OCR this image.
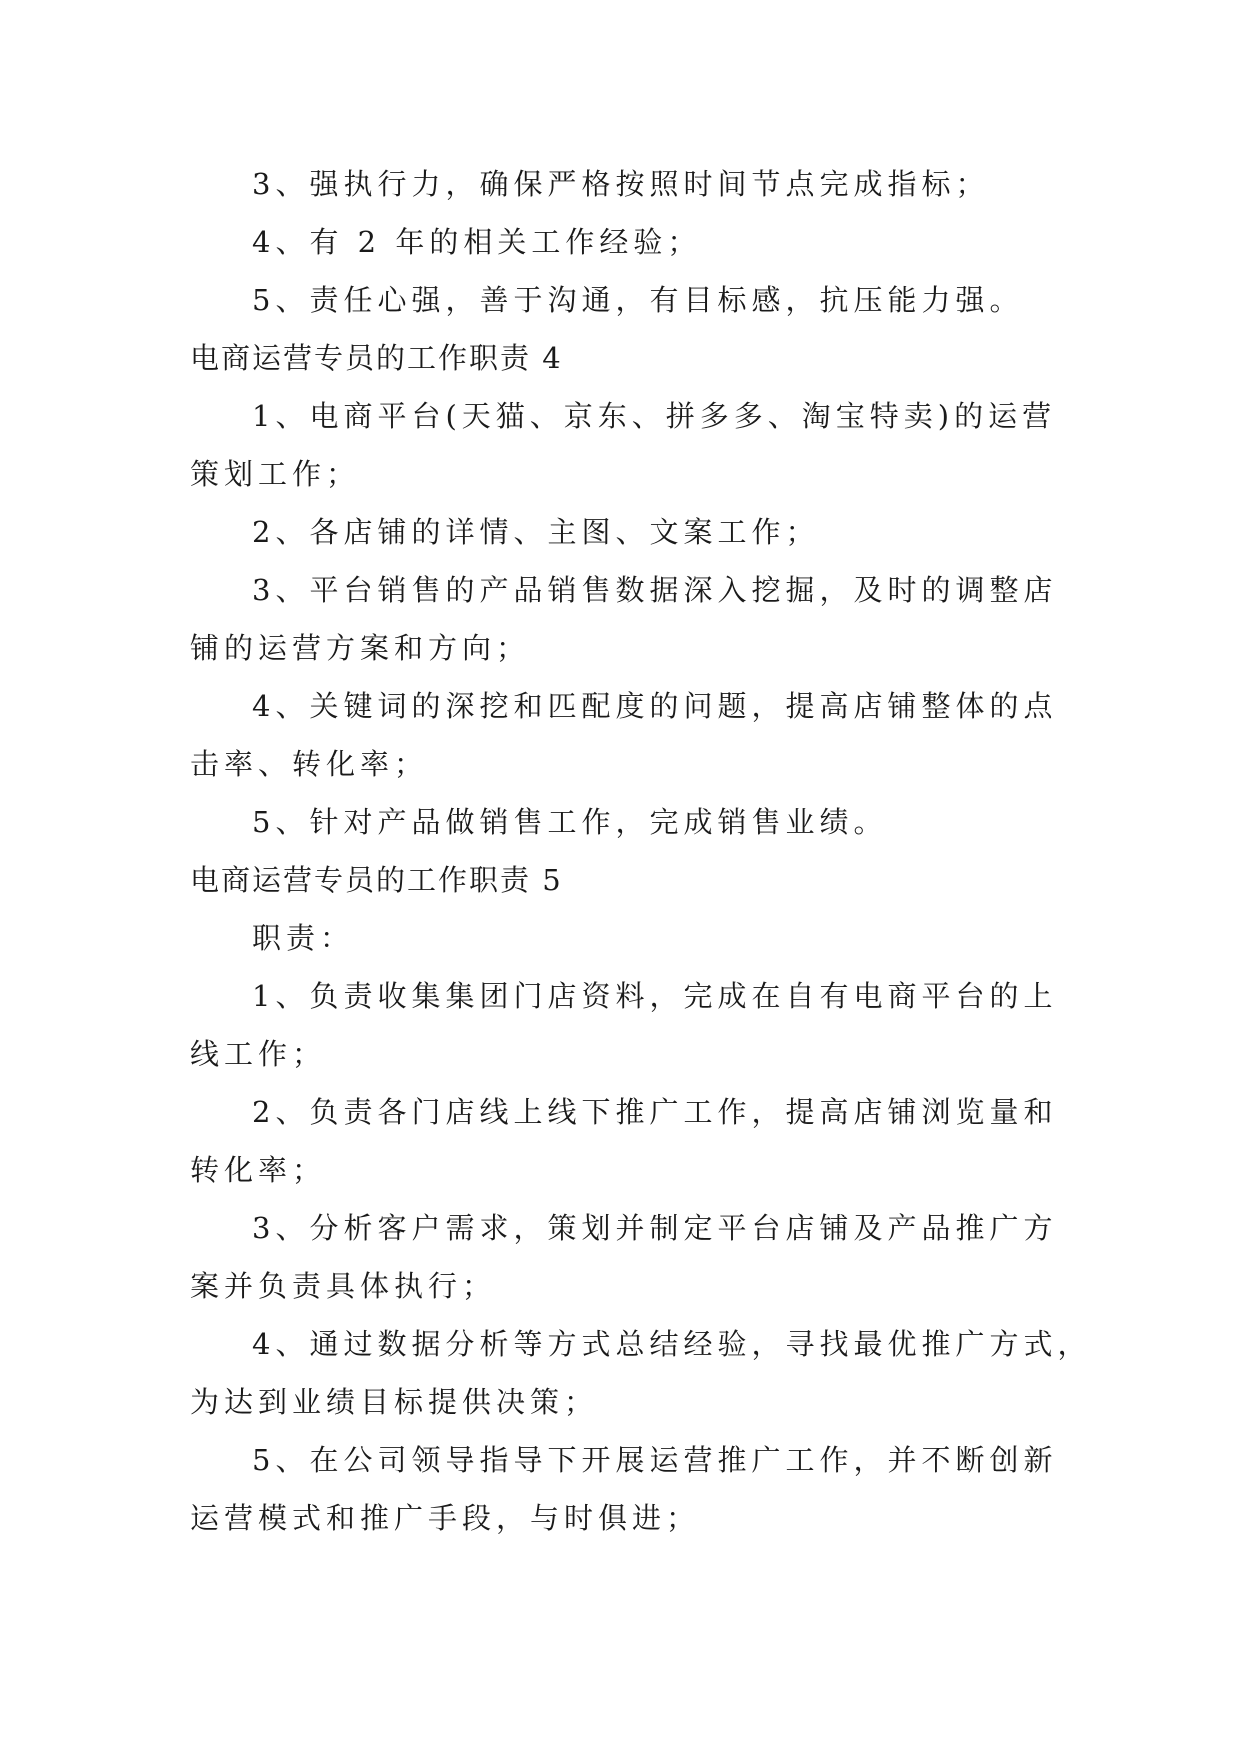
3、强执行力，确保严格按照时间节点完成指标；

4、有 2 年的相关工作经验；

5、责任心强，善于沟通，有目标感，抗压能力强。

电商运营专员的工作职责 4

1、电商平台(天猫、京东、拼多多、淘宝特卖)的运营

策划工作；

2、各店铺的详情、主图、文案工作；

3、平台销售的产品销售数据深入挖掘，及时的调整店

铺的运营方案和方向；

4、关键词的深挖和匹配度的问题，提高店铺整体的点

击率、转化率；

5、针对产品做销售工作，完成销售业绩。

电商运营专员的工作职责 5

职责：

1、负责收集集团门店资料，完成在自有电商平台的上

线工作；

2、负责各门店线上线下推广工作，提高店铺浏览量和

转化率；

3、分析客户需求，策划并制定平台店铺及产品推广方

案并负责具体执行；

4、通过数据分析等方式总结经验，寻找最优推广方式，

为达到业绩目标提供决策；

5、在公司领导指导下开展运营推广工作，并不断创新

运营模式和推广手段，与时俱进；
